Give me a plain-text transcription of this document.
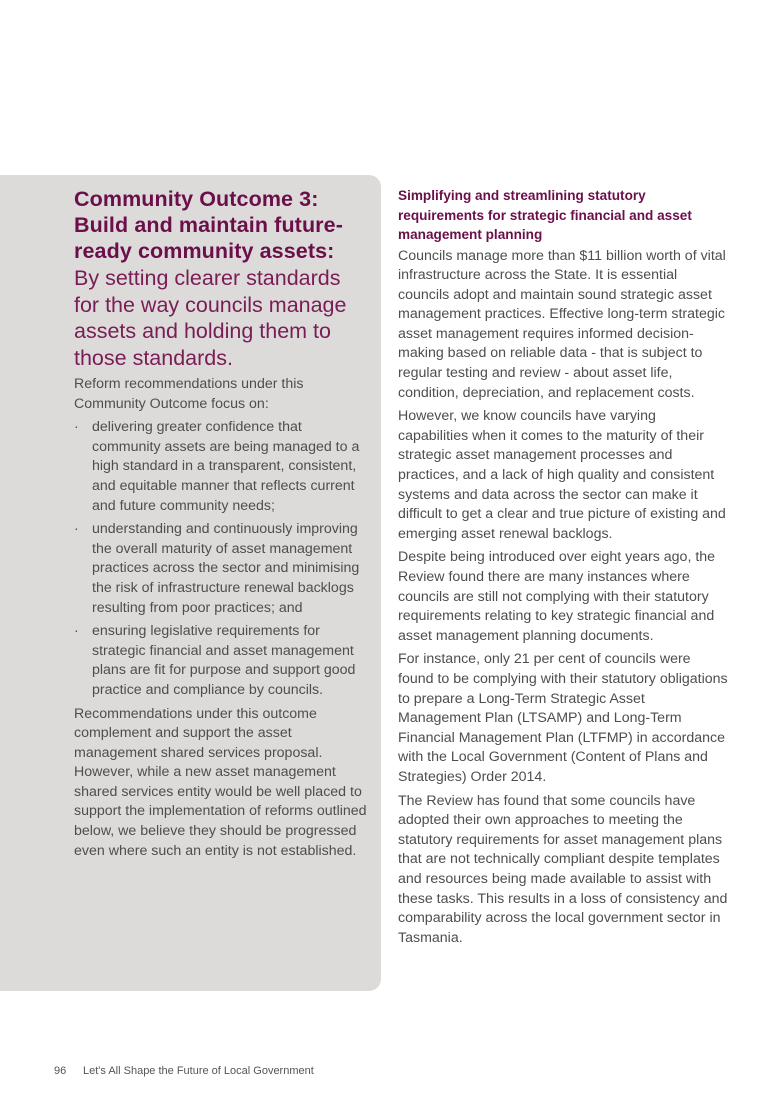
Community Outcome 3: Build and maintain future-ready community assets:
By setting clearer standards for the way councils manage assets and holding them to those standards.

Reform recommendations under this Community Outcome focus on:

· delivering greater confidence that community assets are being managed to a high standard in a transparent, consistent, and equitable manner that reflects current and future community needs;
· understanding and continuously improving the overall maturity of asset management practices across the sector and minimising the risk of infrastructure renewal backlogs resulting from poor practices; and
· ensuring legislative requirements for strategic financial and asset management plans are fit for purpose and support good practice and compliance by councils.

Recommendations under this outcome complement and support the asset management shared services proposal. However, while a new asset management shared services entity would be well placed to support the implementation of reforms outlined below, we believe they should be progressed even where such an entity is not established.

Simplifying and streamlining statutory requirements for strategic financial and asset management planning

Councils manage more than $11 billion worth of vital infrastructure across the State. It is essential councils adopt and maintain sound strategic asset management practices. Effective long-term strategic asset management requires informed decision-making based on reliable data - that is subject to regular testing and review - about asset life, condition, depreciation, and replacement costs.

However, we know councils have varying capabilities when it comes to the maturity of their strategic asset management processes and practices, and a lack of high quality and consistent systems and data across the sector can make it difficult to get a clear and true picture of existing and emerging asset renewal backlogs.

Despite being introduced over eight years ago, the Review found there are many instances where councils are still not complying with their statutory requirements relating to key strategic financial and asset management planning documents.

For instance, only 21 per cent of councils were found to be complying with their statutory obligations to prepare a Long-Term Strategic Asset Management Plan (LTSAMP) and Long-Term Financial Management Plan (LTFMP) in accordance with the Local Government (Content of Plans and Strategies) Order 2014.

The Review has found that some councils have adopted their own approaches to meeting the statutory requirements for asset management plans that are not technically compliant despite templates and resources being made available to assist with these tasks. This results in a loss of consistency and comparability across the local government sector in Tasmania.

96 Let's All Shape the Future of Local Government
